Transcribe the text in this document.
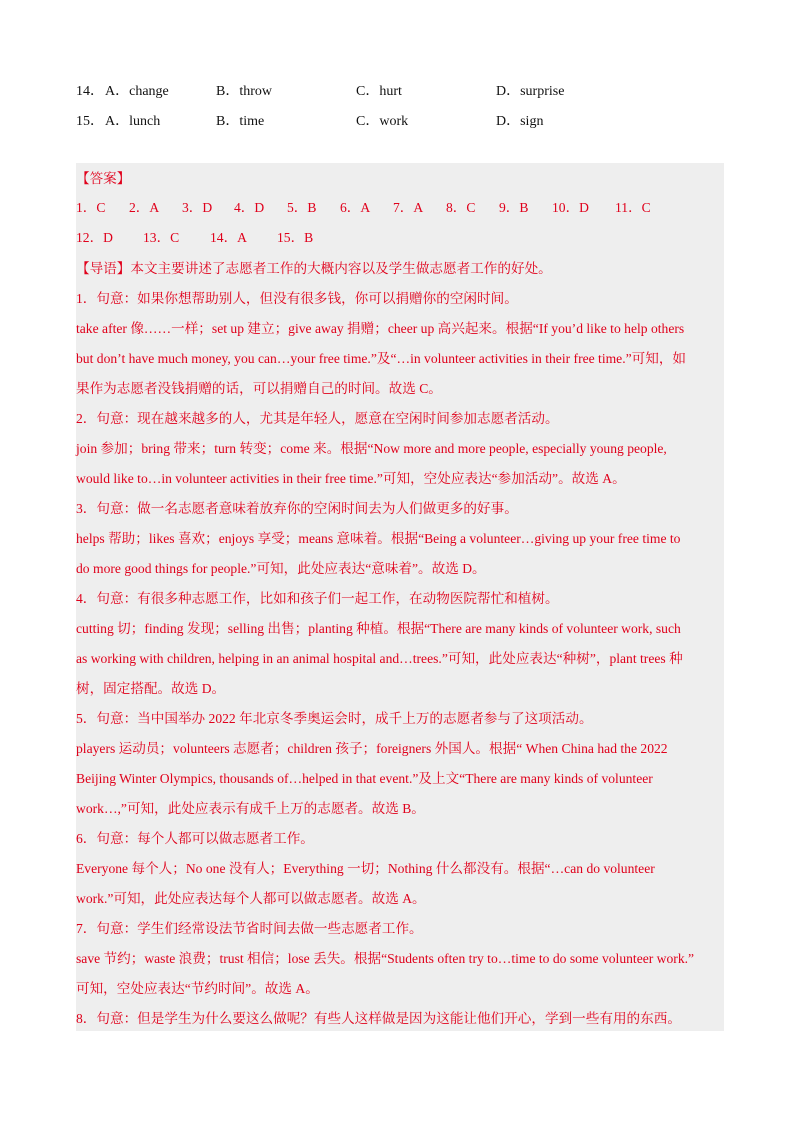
14． A．change	B．throw	C．hurt	D．surprise
15． A．lunch	B．time	C．work	D．sign
【答案】
1．C 2．A 3．D 4．D 5．B 6．A 7．A 8．C 9．B 10．D 11．C
12．D 13．C 14．A 15．B
【导语】本文主要讲述了志愿者工作的大概内容以及学生做志愿者工作的好处。
1．句意：如果你想帮助别人，但没有很多钱，你可以捐赠你的空闲时间。
take after 像……一样；set up 建立；give away 捐赠；cheer up 高兴起来。根据“If you’d like to help others
but don’t have much money, you can…your free time.”及“…in volunteer activities in their free time.”可知，如
果作为志愿者没钱捐赠的话，可以捐赠自己的时间。故选 C。
2．句意：现在越来越多的人，尤其是年轻人，愿意在空闲时间参加志愿者活动。
join 参加；bring 带来；turn 转变；come 来。根据“Now more and more people, especially young people,
would like to…in volunteer activities in their free time.”可知，空处应表达“参加活动”。故选 A。
3．句意：做一名志愿者意味着放弃你的空闲时间去为人们做更多的好事。
helps 帮助；likes 喜欢；enjoys 享受；means 意味着。根据“Being a volunteer…giving up your free time to
do more good things for people.”可知，此处应表达“意味着”。故选 D。
4．句意：有很多种志愿工作，比如和孩子们一起工作，在动物医院帮忙和植树。
cutting 切；finding 发现；selling 出售；planting 种植。根据“There are many kinds of volunteer work, such
as working with children, helping in an animal hospital and…trees.”可知，此处应表达“种树”，plant trees 种
树，固定搭配。故选 D。
5．句意：当中国举办 2022 年北京冬季奥运会时，成千上万的志愿者参与了这项活动。
players 运动员；volunteers 志愿者；children 孩子；foreigners 外国人。根据“ When China had the 2022
Beijing Winter Olympics, thousands of…helped in that event.”及上文“There are many kinds of volunteer
work…,”可知，此处应表示有成千上万的志愿者。故选 B。
6．句意：每个人都可以做志愿者工作。
Everyone 每个人；No one 没有人；Everything 一切；Nothing 什么都没有。根据“…can do volunteer
work.”可知，此处应表达每个人都可以做志愿者。故选 A。
7．句意：学生们经常设法节省时间去做一些志愿者工作。
save 节约；waste 浪费；trust 相信；lose 丢失。根据“Students often try to…time to do some volunteer work.”
可知，空处应表达“节约时间”。故选 A。
8．句意：但是学生为什么要这么做呢？有些人这样做是因为这能让他们开心，学到一些有用的东西。
